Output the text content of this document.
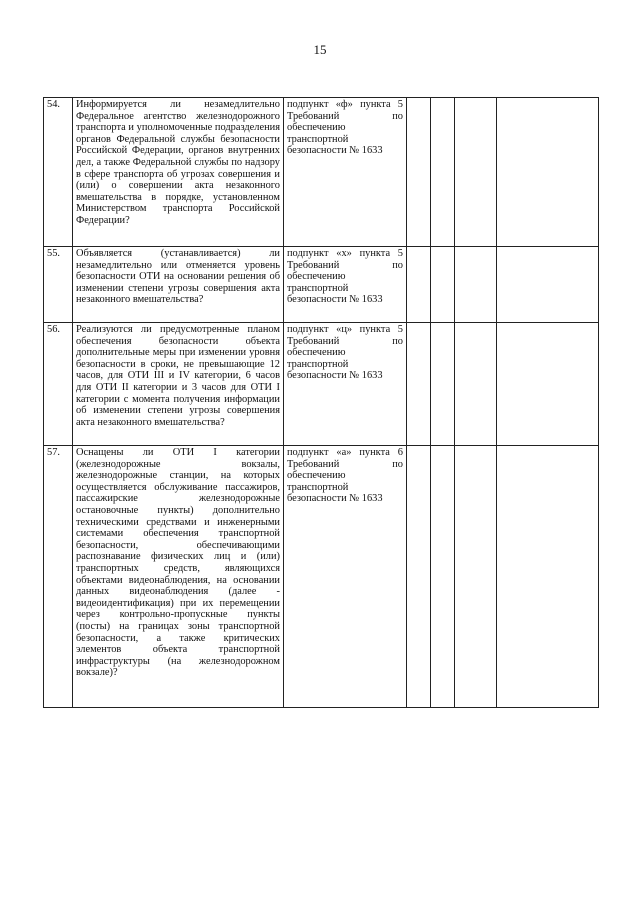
15
54.	Информируется ли незамедлительно Федеральное агентство железнодорожного транспорта и уполномоченные подразделения органов Федеральной службы безопасности Российской Федерации, органов внутренних дел, а также Федеральной службы по надзору в сфере транспорта об угрозах совершения и (или) о совершении акта незаконного вмешательства в порядке, установленном Министерством транспорта Российской Федерации?	подпункт «ф» пункта 5 Требований по обеспечению транспортной безопасности № 1633				
55.	Объявляется (устанавливается) ли незамедлительно или отменяется уровень безопасности ОТИ на основании решения об изменении степени угрозы совершения акта незаконного вмешательства?	подпункт «х» пункта 5 Требований по обеспечению транспортной безопасности № 1633				
56.	Реализуются ли предусмотренные планом обеспечения безопасности объекта дополнительные меры при изменении уровня безопасности в сроки, не превышающие 12 часов, для ОТИ III и IV категории, 6 часов для ОТИ II категории и 3 часов для ОТИ I категории с момента получения информации об изменении степени угрозы совершения акта незаконного вмешательства?	подпункт «ц» пункта 5 Требований по обеспечению транспортной безопасности № 1633				
57.	Оснащены ли ОТИ I категории (железнодорожные вокзалы, железнодорожные станции, на которых осуществляется обслуживание пассажиров, пассажирские железнодорожные остановочные пункты) дополнительно техническими средствами и инженерными системами обеспечения транспортной безопасности, обеспечивающими распознавание физических лиц и (или) транспортных средств, являющихся объектами видеонаблюдения, на основании данных видеонаблюдения (далее - видеоидентификация) при их перемещении через контрольно-пропускные пункты (посты) на границах зоны транспортной безопасности, а также критических элементов объекта транспортной инфраструктуры (на железнодорожном вокзале)?	подпункт «а» пункта 6 Требований по обеспечению транспортной безопасности № 1633				
